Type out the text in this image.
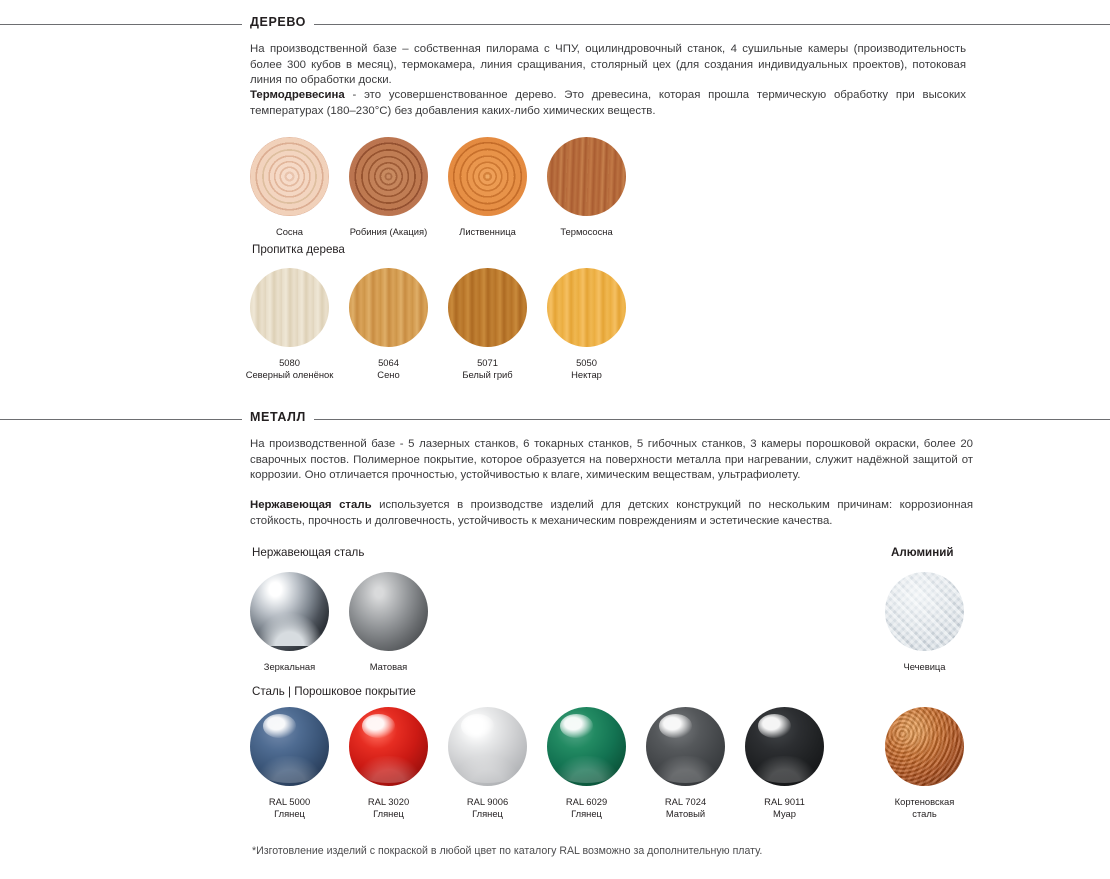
ДЕРЕВО
На производственной базе – собственная пилорама с ЧПУ, оцилиндровочный станок, 4 сушильные камеры (производительность более 300 кубов в месяц), термокамера, линия сращивания, столярный цех (для создания индивидуальных проектов), потоковая линия по обработки доски.
Термодревесина - это усовершенствованное дерево. Это древесина, которая прошла термическую обработку при высоких температурах (180–230°С) без добавления каких-либо химических веществ.
Сосна	Робиния (Акация)	Лиственница	Термососна
Пропитка дерева
5080
Северный оленёнок
5064
Сено
5071
Белый гриб
5050
Нектар
МЕТАЛЛ
На производственной базе - 5 лазерных станков, 6 токарных станков, 5 гибочных станков, 3 камеры порошковой окраски, более 20 сварочных постов. Полимерное покрытие, которое образуется на поверхности металла при нагревании, служит надёжной защитой от коррозии. Оно отличается прочностью, устойчивостью к влаге, химическим веществам, ультрафиолету.
Нержавеющая сталь используется в производстве изделий для детских конструкций по нескольким причинам: коррозионная стойкость, прочность и долговечность, устойчивость к механическим повреждениям и эстетические качества.
Нержавеющая сталь	Алюминий
Зеркальная	Матовая	Чечевица
Сталь | Порошковое покрытие
RAL 5000
Глянец
RAL 3020
Глянец
RAL 9006
Глянец
RAL 6029
Глянец
RAL 7024
Матовый
RAL 9011
Муар
Кортеновская
сталь
*Изготовление изделий с покраской в любой цвет по каталогу RAL возможно за дополнительную плату.
